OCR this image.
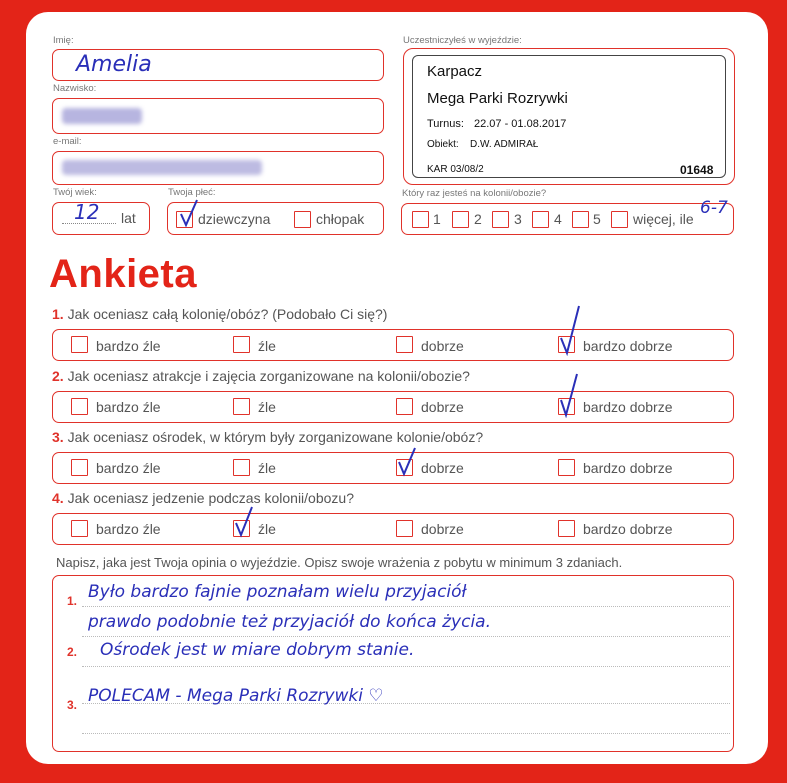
Imię:
Amelia
Nazwisko:
e-mail:
Twój wiek:
12 lat
Twoja płeć:
dziewczyna	chłopak
Uczestniczyłeś w wyjeździe:
Karpacz
Mega Parki Rozrywki
Turnus: 22.07 - 01.08.2017
Obiekt: D.W. ADMIRAŁ
KAR 03/08/2	01648
Który raz jesteś na kolonii/obozie?
1 2 3 4 5 więcej, ile
6-7
Ankieta
1. Jak oceniasz całą kolonię/obóz? (Podobało Ci się?)
bardzo źle	źle	dobrze	bardzo dobrze
2. Jak oceniasz atrakcje i zajęcia zorganizowane na kolonii/obozie?
bardzo źle	źle	dobrze	bardzo dobrze
3. Jak oceniasz ośrodek, w którym były zorganizowane kolonie/obóz?
bardzo źle	źle	dobrze	bardzo dobrze
4. Jak oceniasz jedzenie podczas kolonii/obozu?
bardzo źle	źle	dobrze	bardzo dobrze
Napisz, jaka jest Twoja opinia o wyjeździe. Opisz swoje wrażenia z pobytu w minimum 3 zdaniach.
1.
2.
3.
Było bardzo fajnie poznałam wielu przyjaciół
prawdo podobnie też przyjaciół do końca życia.
Ośrodek jest w miare dobrym stanie.
POLECAM - Mega Parki Rozrywki ♡
